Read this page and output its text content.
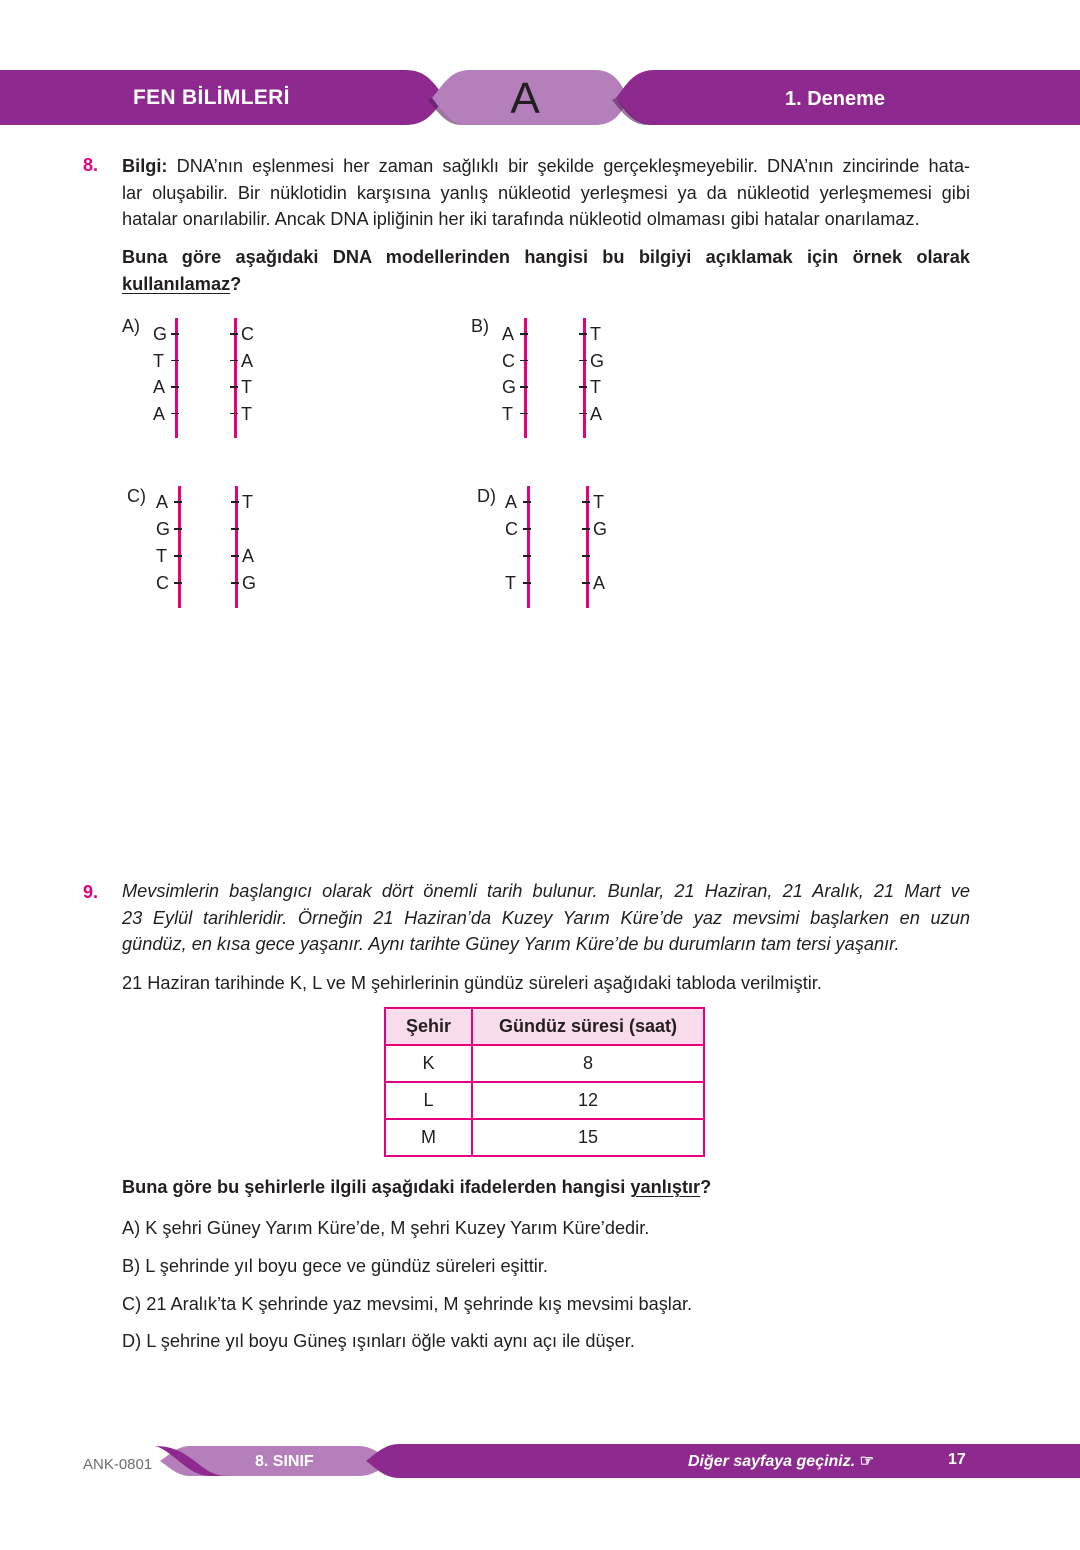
FEN BİLİMLERİ	A	1. Deneme
8. Bilgi: DNA’nın eşlenmesi her zaman sağlıklı bir şekilde gerçekleşmeyebilir. DNA’nın zincirinde hata-
lar oluşabilir. Bir nüklotidin karşısına yanlış nükleotid yerleşmesi ya da nükleotid yerleşmemesi gibi
hatalar onarılabilir. Ancak DNA ipliğinin her iki tarafında nükleotid olmaması gibi hatalar onarılamaz.
Buna göre aşağıdaki DNA modellerinden hangisi bu bilgiyi açıklamak için örnek olarak
kullanılamaz?
A) G	C
T	A
A	T
A	T
B) A	T
C	G
G	T
T	A
C) A	T
G
T	A
C	G
D) A	T
C	G
T	A
9. Mevsimlerin başlangıcı olarak dört önemli tarih bulunur. Bunlar, 21 Haziran, 21 Aralık, 21 Mart ve
23 Eylül tarihleridir. Örneğin 21 Haziran’da Kuzey Yarım Küre’de yaz mevsimi başlarken en uzun
gündüz, en kısa gece yaşanır. Aynı tarihte Güney Yarım Küre’de bu durumların tam tersi yaşanır.
21 Haziran tarihinde K, L ve M şehirlerinin gündüz süreleri aşağıdaki tabloda verilmiştir.
Şehir	Gündüz süresi (saat)
K	8
L	12
M	15
Buna göre bu şehirlerle ilgili aşağıdaki ifadelerden hangisi yanlıştır?
A) K şehri Güney Yarım Küre’de, M şehri Kuzey Yarım Küre’dedir.
B) L şehrinde yıl boyu gece ve gündüz süreleri eşittir.
C) 21 Aralık’ta K şehrinde yaz mevsimi, M şehrinde kış mevsimi başlar.
D) L şehrine yıl boyu Güneş ışınları öğle vakti aynı açı ile düşer.
ANK-0801	8. SINIF	Diğer sayfaya geçiniz. ☞	17
